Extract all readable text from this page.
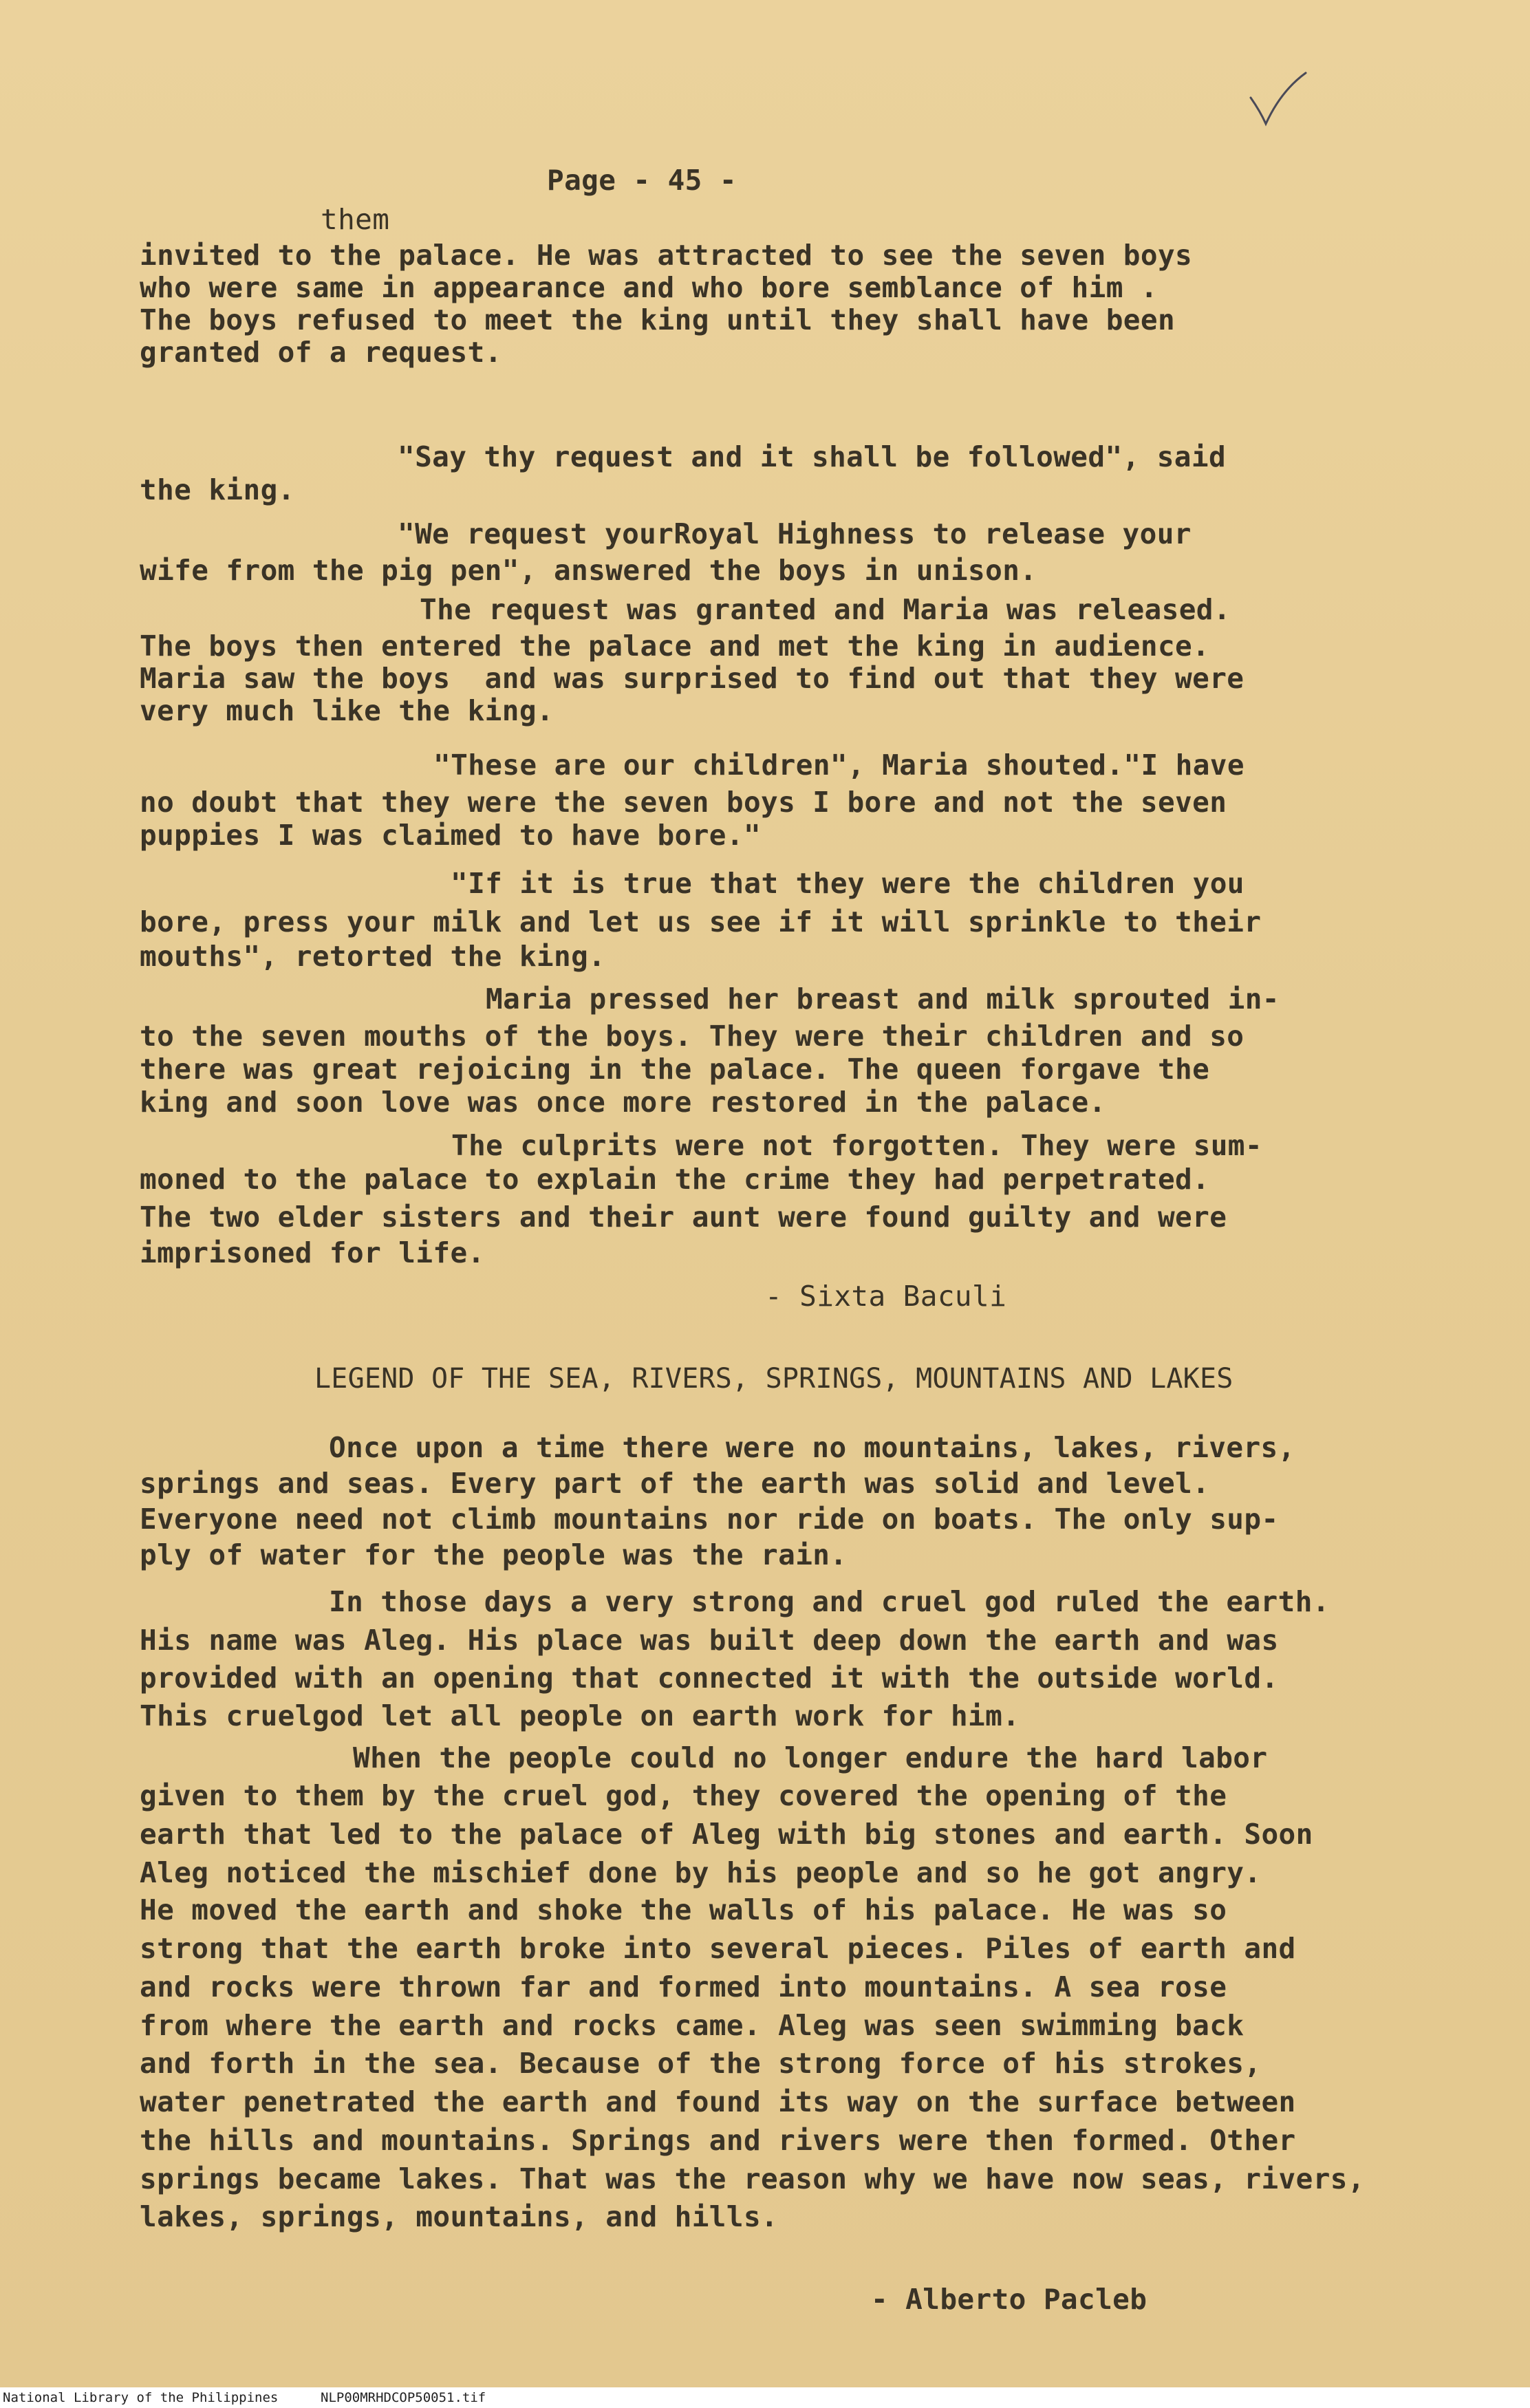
Page - 45 -
them
invited to the palace. He was attracted to see the seven boys
who were same in appearance and who bore semblance of him .
The boys refused to meet the king until they shall have been
granted of a request.
"Say thy request and it shall be followed", said
the king.
"We request yourRoyal Highness to release your
wife from the pig pen", answered the boys in unison.
The request was granted and Maria was released.
The boys then entered the palace and met the king in audience.
Maria saw the boys  and was surprised to find out that they were
very much like the king.
"These are our children", Maria shouted."I have
no doubt that they were the seven boys I bore and not the seven
puppies I was claimed to have bore."
"If it is true that they were the children you
bore, press your milk and let us see if it will sprinkle to their
mouths", retorted the king.
Maria pressed her breast and milk sprouted in-
to the seven mouths of the boys. They were their children and so
there was great rejoicing in the palace. The queen forgave the
king and soon love was once more restored in the palace.
The culprits were not forgotten. They were sum-
moned to the palace to explain the crime they had perpetrated.
The two elder sisters and their aunt were found guilty and were
imprisoned for life.
- Sixta Baculi
LEGEND OF THE SEA, RIVERS, SPRINGS, MOUNTAINS AND LAKES
Once upon a time there were no mountains, lakes, rivers,
springs and seas. Every part of the earth was solid and level.
Everyone need not climb mountains nor ride on boats. The only sup-
ply of water for the people was the rain.
In those days a very strong and cruel god ruled the earth.
His name was Aleg. His place was built deep down the earth and was
provided with an opening that connected it with the outside world.
This cruelgod let all people on earth work for him.
When the people could no longer endure the hard labor
given to them by the cruel god, they covered the opening of the
earth that led to the palace of Aleg with big stones and earth. Soon
Aleg noticed the mischief done by his people and so he got angry.
He moved the earth and shoke the walls of his palace. He was so
strong that the earth broke into several pieces. Piles of earth and
and rocks were thrown far and formed into mountains. A sea rose
from where the earth and rocks came. Aleg was seen swimming back
and forth in the sea. Because of the strong force of his strokes,
water penetrated the earth and found its way on the surface between
the hills and mountains. Springs and rivers were then formed. Other
springs became lakes. That was the reason why we have now seas, rivers,
lakes, springs, mountains, and hills.
- Alberto Pacleb
National Library of the Philippines	NLP00MRHDCOP50051.tif
